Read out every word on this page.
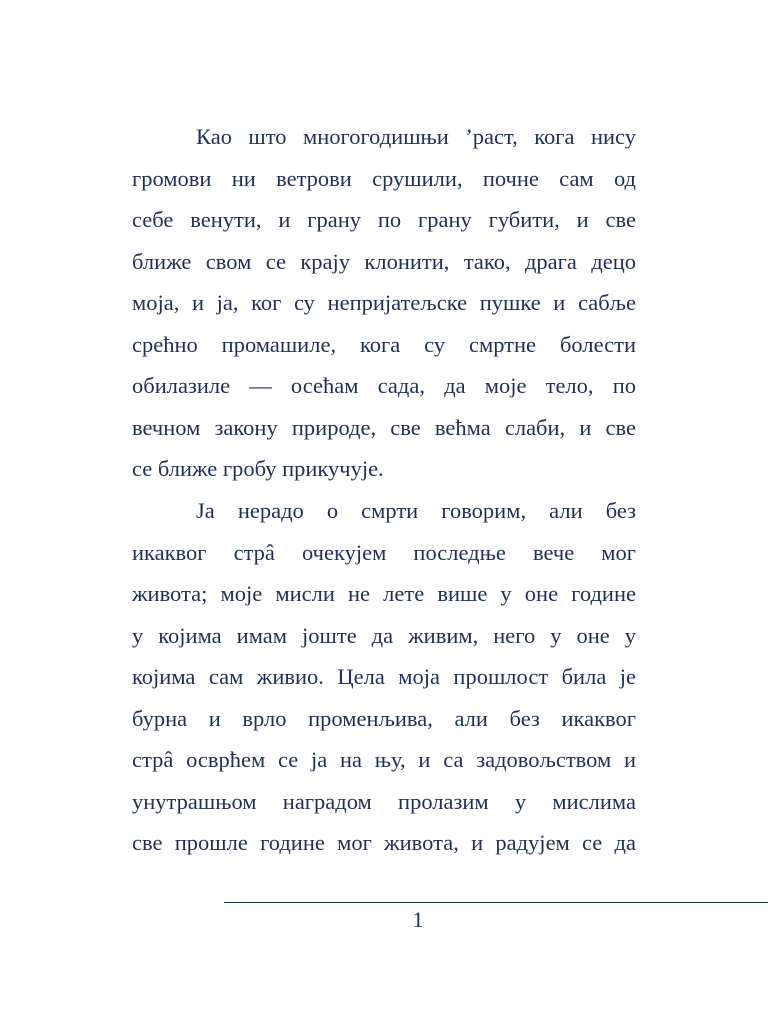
Као што многогодишњи ’раст, кога нису
громови ни ветрови срушили, почне сам од
себе венути, и грану по грану губити, и све
ближе свом се крају клонити, тако, драга децо
моја, и ја, ког су непријатељске пушке и сабље
срећно промашиле, кога су смртне болести
обилазиле — осећам сада, да моје тело, по
вечном закону природе, све већма слаби, и све
се ближе гробу прикучује.
Ја нерадо о смрти говорим, али без
икаквог стрâ очекујем последње вече мог
живота; моје мисли не лете више у оне године
у којима имам јоште да живим, него у оне у
којима сам живио. Цела моја прошлост била је
бурна и врло променљива, али без икаквог
стрâ осврћем се ја на њу, и са задовољством и
унутрашњом наградом пролазим у мислима
све прошле године мог живота, и радујем се да
1
